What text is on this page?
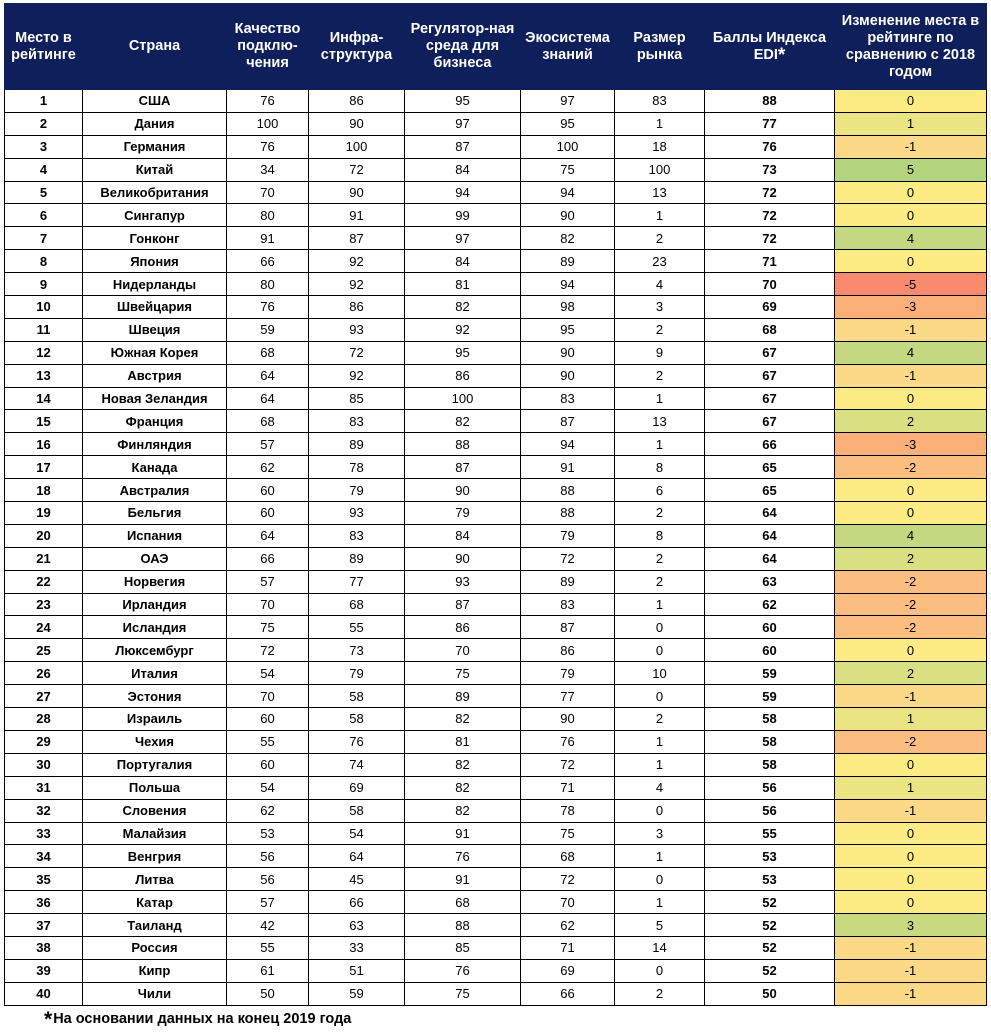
Место в рейтинге	Страна	Качество подклю-чения	Инфра-структура	Регулятор-ная среда для бизнеса	Экосистема знаний	Размер рынка	Баллы Индекса EDI*	Изменение места в рейтинге по сравнению с 2018 годом
1	США	76	86	95	97	83	88	0
2	Дания	100	90	97	95	1	77	1
3	Германия	76	100	87	100	18	76	-1
4	Китай	34	72	84	75	100	73	5
5	Великобритания	70	90	94	94	13	72	0
6	Сингапур	80	91	99	90	1	72	0
7	Гонконг	91	87	97	82	2	72	4
8	Япония	66	92	84	89	23	71	0
9	Нидерланды	80	92	81	94	4	70	-5
10	Швейцария	76	86	82	98	3	69	-3
11	Швеция	59	93	92	95	2	68	-1
12	Южная Корея	68	72	95	90	9	67	4
13	Австрия	64	92	86	90	2	67	-1
14	Новая Зеландия	64	85	100	83	1	67	0
15	Франция	68	83	82	87	13	67	2
16	Финляндия	57	89	88	94	1	66	-3
17	Канада	62	78	87	91	8	65	-2
18	Австралия	60	79	90	88	6	65	0
19	Бельгия	60	93	79	88	2	64	0
20	Испания	64	83	84	79	8	64	4
21	ОАЭ	66	89	90	72	2	64	2
22	Норвегия	57	77	93	89	2	63	-2
23	Ирландия	70	68	87	83	1	62	-2
24	Исландия	75	55	86	87	0	60	-2
25	Люксембург	72	73	70	86	0	60	0
26	Италия	54	79	75	79	10	59	2
27	Эстония	70	58	89	77	0	59	-1
28	Израиль	60	58	82	90	2	58	1
29	Чехия	55	76	81	76	1	58	-2
30	Португалия	60	74	82	72	1	58	0
31	Польша	54	69	82	71	4	56	1
32	Словения	62	58	82	78	0	56	-1
33	Малайзия	53	54	91	75	3	55	0
34	Венгрия	56	64	76	68	1	53	0
35	Литва	56	45	91	72	0	53	0
36	Катар	57	66	68	70	1	52	0
37	Таиланд	42	63	88	62	5	52	3
38	Россия	55	33	85	71	14	52	-1
39	Кипр	61	51	76	69	0	52	-1
40	Чили	50	59	75	66	2	50	-1
*На основании данных на конец 2019 года
